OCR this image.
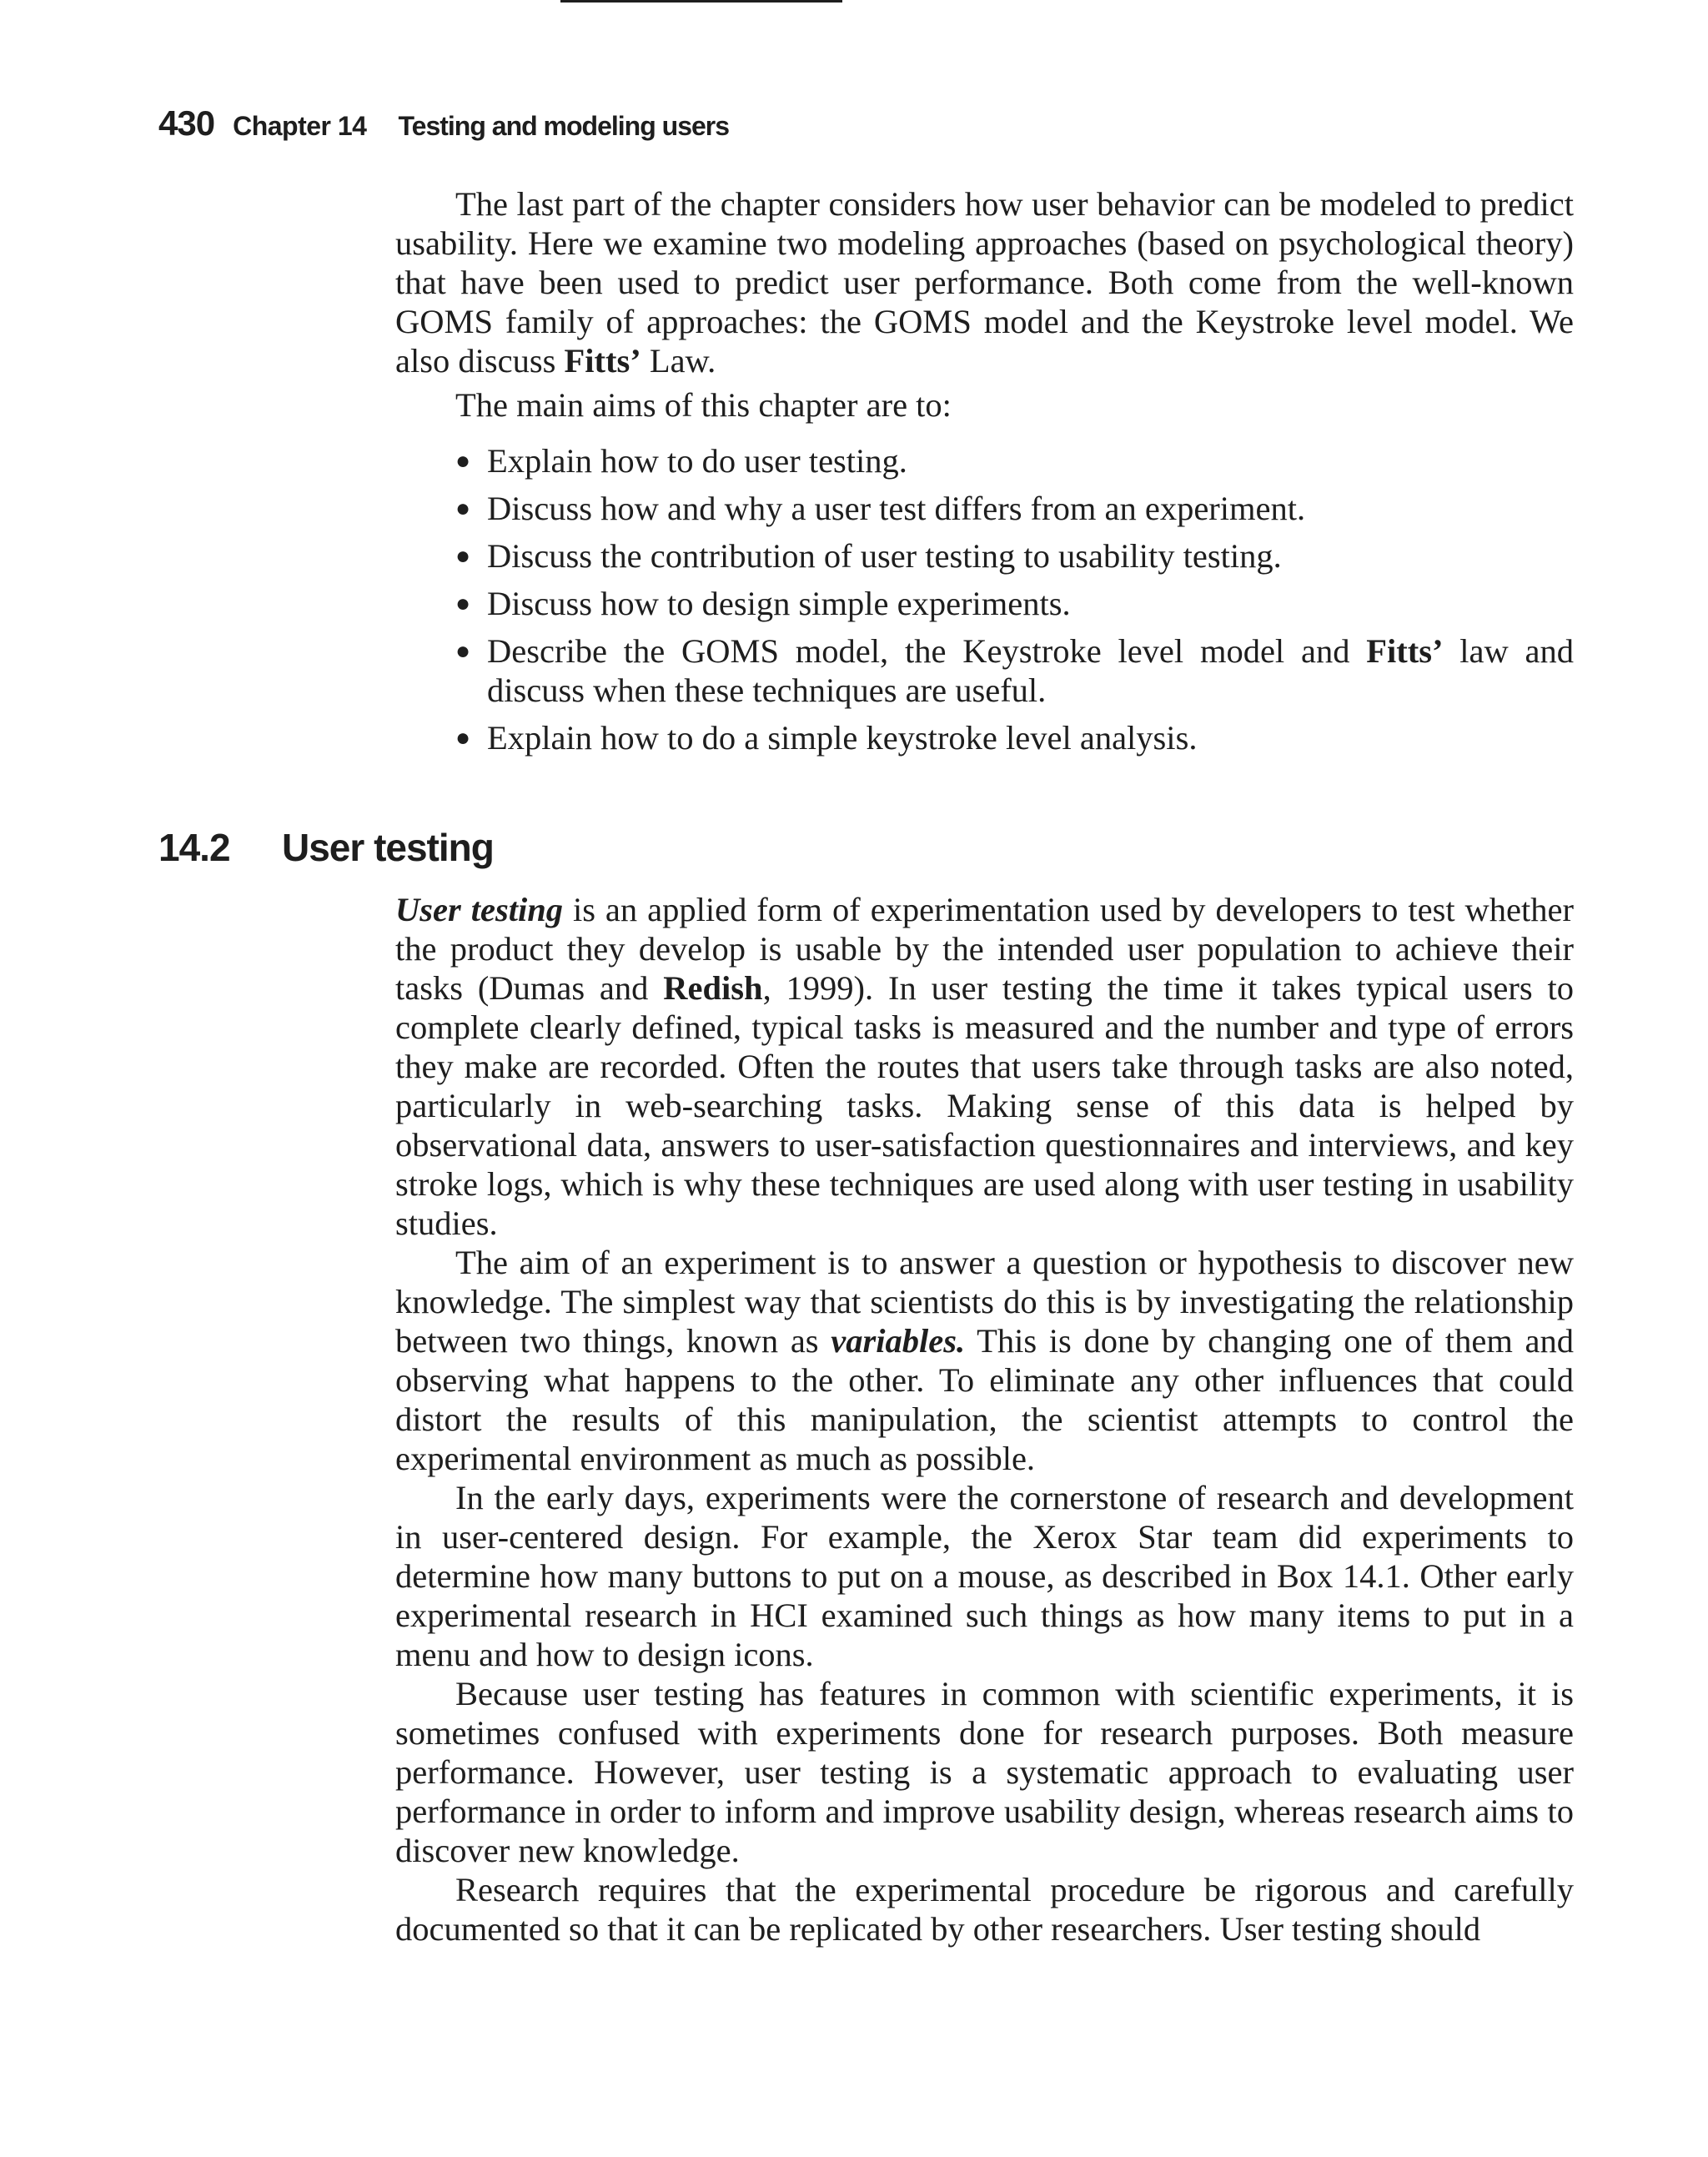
430 Chapter 14 Testing and modeling users

The last part of the chapter considers how user behavior can be modeled to predict usability. Here we examine two modeling approaches (based on psychological theory) that have been used to predict user performance. Both come from the well-known GOMS family of approaches: the GOMS model and the Keystroke level model. We also discuss Fitts’ Law.

The main aims of this chapter are to:

● Explain how to do user testing.
● Discuss how and why a user test differs from an experiment.
● Discuss the contribution of user testing to usability testing.
● Discuss how to design simple experiments.
● Describe the GOMS model, the Keystroke level model and Fitts’ law and discuss when these techniques are useful.
● Explain how to do a simple keystroke level analysis.
14.2 User testing

User testing is an applied form of experimentation used by developers to test whether the product they develop is usable by the intended user population to achieve their tasks (Dumas and Redish, 1999). In user testing the time it takes typical users to complete clearly defined, typical tasks is measured and the number and type of errors they make are recorded. Often the routes that users take through tasks are also noted, particularly in web-searching tasks. Making sense of this data is helped by observational data, answers to user-satisfaction questionnaires and interviews, and key stroke logs, which is why these techniques are used along with user testing in usability studies.

The aim of an experiment is to answer a question or hypothesis to discover new knowledge. The simplest way that scientists do this is by investigating the relationship between two things, known as variables. This is done by changing one of them and observing what happens to the other. To eliminate any other influences that could distort the results of this manipulation, the scientist attempts to control the experimental environment as much as possible.

In the early days, experiments were the cornerstone of research and development in user-centered design. For example, the Xerox Star team did experiments to determine how many buttons to put on a mouse, as described in Box 14.1. Other early experimental research in HCI examined such things as how many items to put in a menu and how to design icons.

Because user testing has features in common with scientific experiments, it is sometimes confused with experiments done for research purposes. Both measure performance. However, user testing is a systematic approach to evaluating user performance in order to inform and improve usability design, whereas research aims to discover new knowledge.

Research requires that the experimental procedure be rigorous and carefully documented so that it can be replicated by other researchers. User testing should
